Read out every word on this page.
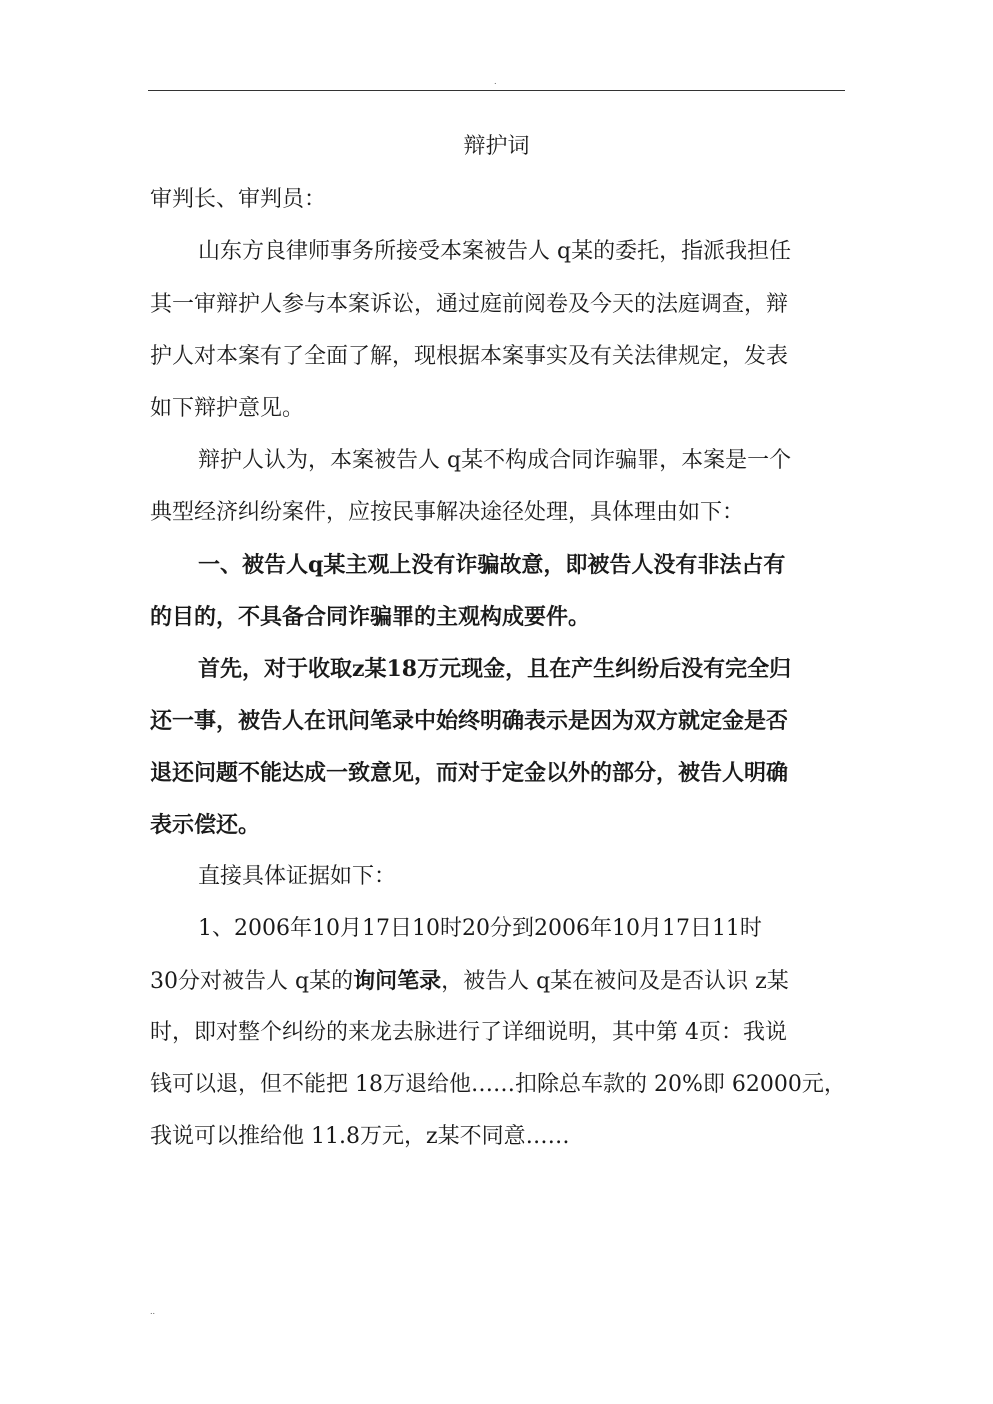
.
辩护词
审判长、审判员：
山东方良律师事务所接受本案被告人 q某的委托，指派我担任
其一审辩护人参与本案诉讼，通过庭前阅卷及今天的法庭调查，辩
护人对本案有了全面了解，现根据本案事实及有关法律规定，发表
如下辩护意见。
辩护人认为，本案被告人 q某不构成合同诈骗罪，本案是一个
典型经济纠纷案件，应按民事解决途径处理，具体理由如下：
一、被告人q某主观上没有诈骗故意，即被告人没有非法占有
的目的，不具备合同诈骗罪的主观构成要件。
首先，对于收取z某18万元现金，且在产生纠纷后没有完全归
还一事，被告人在讯问笔录中始终明确表示是因为双方就定金是否
退还问题不能达成一致意见，而对于定金以外的部分，被告人明确
表示偿还。
直接具体证据如下：
1、2006年10月17日10时20分到2006年10月17日11时
30分对被告人 q某的询问笔录，被告人 q某在被问及是否认识 z某
时，即对整个纠纷的来龙去脉进行了详细说明，其中第 4页：我说
钱可以退，但不能把 18万退给他……扣除总车款的 20%即 62000元，
我说可以推给他 11.8万元，z某不同意……
..
